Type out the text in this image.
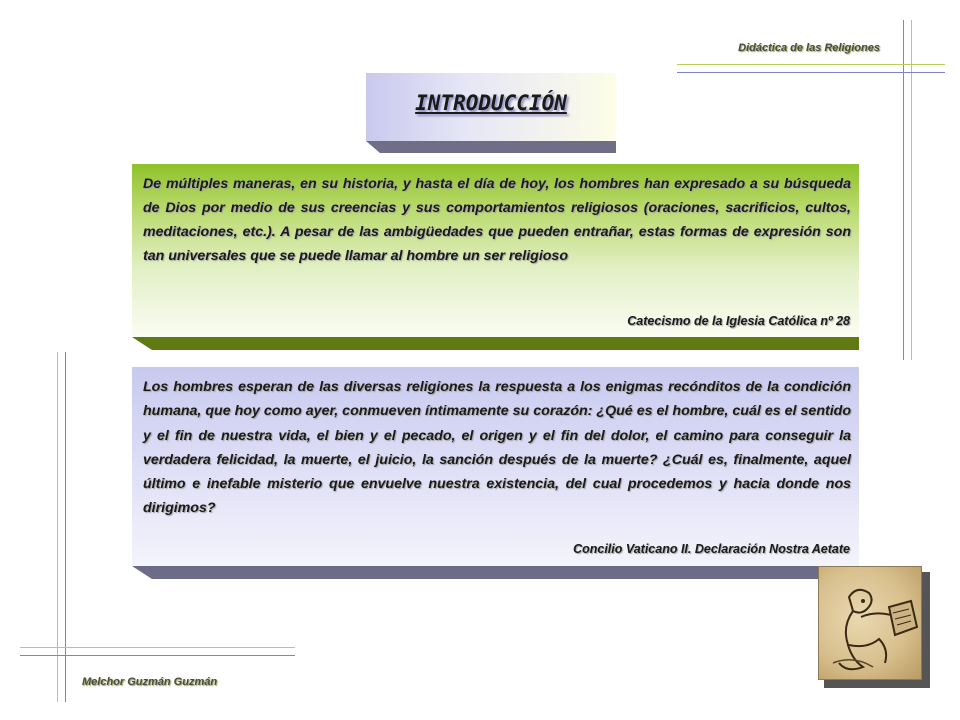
Didáctica de las Religiones
INTRODUCCIÓN
De múltiples maneras, en su historia, y hasta el día de hoy, los hombres han expresado a su búsqueda de Dios por medio de sus creencias y sus comportamientos religiosos (oraciones, sacrificios, cultos, meditaciones, etc.). A pesar de las ambigüedades que pueden entrañar, estas formas de expresión son tan universales que se puede llamar al hombre un ser religioso
Catecismo de la Iglesia Católica nº 28
Los hombres esperan de las diversas religiones la respuesta a los enigmas recónditos de la condición humana, que hoy como ayer, conmueven íntimamente su corazón: ¿Qué es el hombre, cuál es el sentido y el fin de nuestra vida, el bien y el pecado, el origen y el fin del dolor, el camino para conseguir la verdadera felicidad, la muerte, el juicio, la sanción después de la muerte? ¿Cuál es, finalmente, aquel último e inefable misterio que envuelve nuestra existencia, del cual procedemos y hacia donde nos dirigimos?
Concilio Vaticano II. Declaración Nostra Aetate
Melchor Guzmán Guzmán
